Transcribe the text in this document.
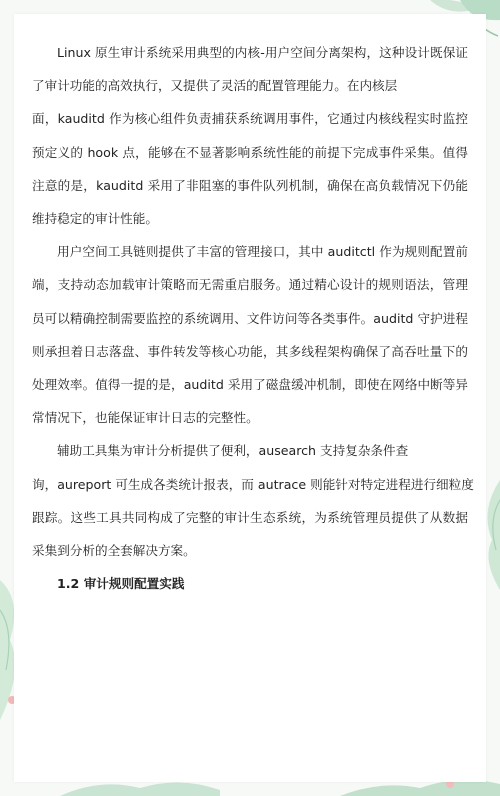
Linux 原生审计系统采用典型的内核-用户空间分离架构，这种设计既保证
了审计功能的高效执行，又提供了灵活的配置管理能力。在内核层
面，kauditd 作为核心组件负责捕获系统调用事件，它通过内核线程实时监控
预定义的 hook 点，能够在不显著影响系统性能的前提下完成事件采集。值得
注意的是，kauditd 采用了非阻塞的事件队列机制，确保在高负载情况下仍能
维持稳定的审计性能。
用户空间工具链则提供了丰富的管理接口，其中 auditctl 作为规则配置前
端，支持动态加载审计策略而无需重启服务。通过精心设计的规则语法，管理
员可以精确控制需要监控的系统调用、文件访问等各类事件。auditd 守护进程
则承担着日志落盘、事件转发等核心功能，其多线程架构确保了高吞吐量下的
处理效率。值得一提的是，auditd 采用了磁盘缓冲机制，即使在网络中断等异
常情况下，也能保证审计日志的完整性。
辅助工具集为审计分析提供了便利，ausearch 支持复杂条件查
询，aureport 可生成各类统计报表，而 autrace 则能针对特定进程进行细粒度
跟踪。这些工具共同构成了完整的审计生态系统，为系统管理员提供了从数据
采集到分析的全套解决方案。
1.2 审计规则配置实践
